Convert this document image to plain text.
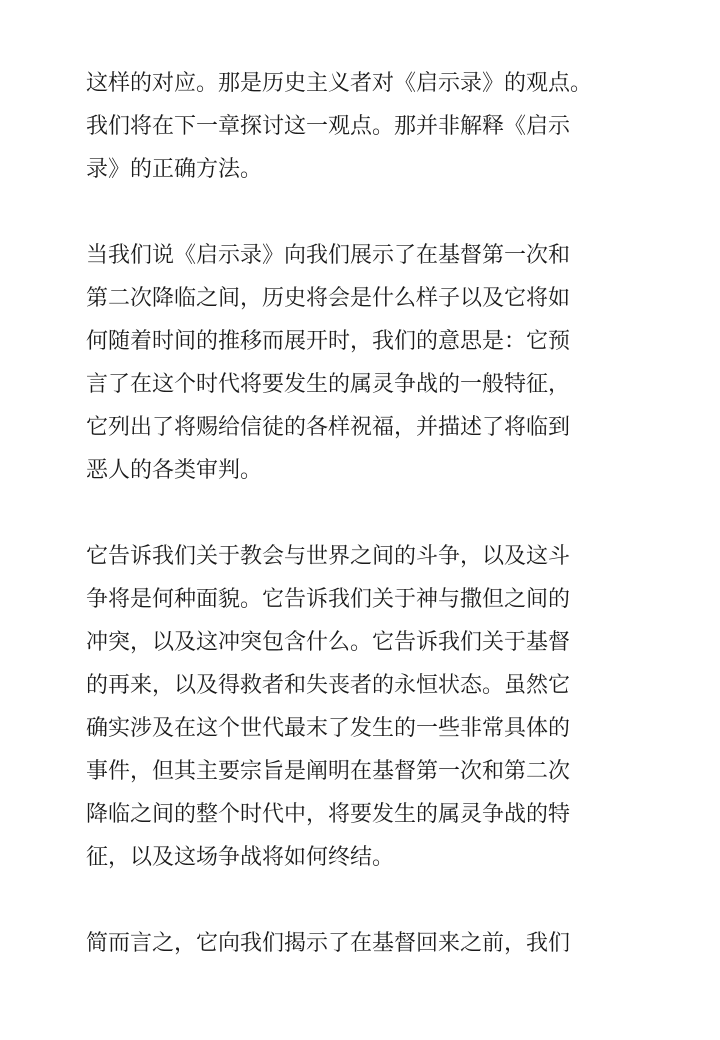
这样的对应。那是历史主义者对《启示录》的观点。
我们将在下一章探讨这一观点。那并非解释《启示
录》的正确方法。

当我们说《启示录》向我们展示了在基督第一次和
第二次降临之间，历史将会是什么样子以及它将如
何随着时间的推移而展开时，我们的意思是：它预
言了在这个时代将要发生的属灵争战的一般特征，
它列出了将赐给信徒的各样祝福，并描述了将临到
恶人的各类审判。

它告诉我们关于教会与世界之间的斗争，以及这斗
争将是何种面貌。它告诉我们关于神与撒但之间的
冲突，以及这冲突包含什么。它告诉我们关于基督
的再来，以及得救者和失丧者的永恒状态。虽然它
确实涉及在这个世代最末了发生的一些非常具体的
事件，但其主要宗旨是阐明在基督第一次和第二次
降临之间的整个时代中，将要发生的属灵争战的特
征，以及这场争战将如何终结。

简而言之，它向我们揭示了在基督回来之前，我们
